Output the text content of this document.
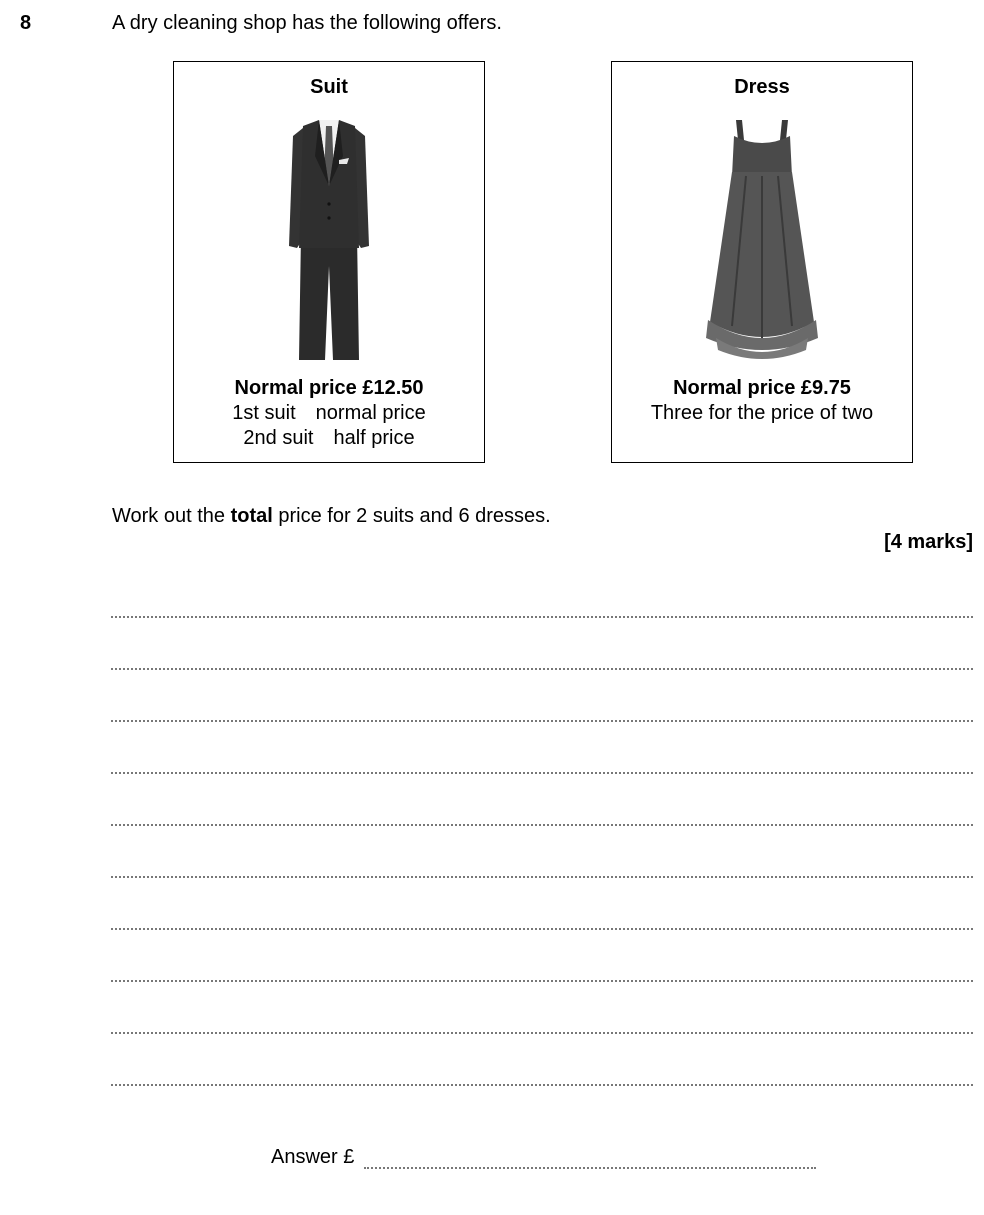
8	A dry cleaning shop has the following offers.
Suit
Normal price £12.50
1st suit normal price
2nd suit half price
Dress
Normal price £9.75
Three for the price of two
Work out the total price for 2 suits and 6 dresses.
[4 marks]
Answer £
